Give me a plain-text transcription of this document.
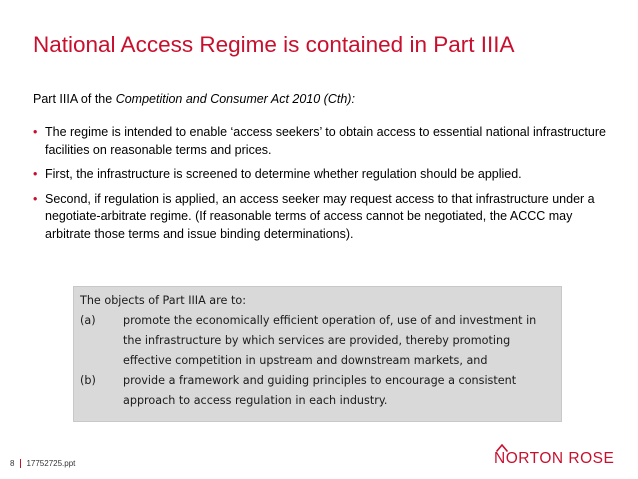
National Access Regime is contained in Part IIIA
Part IIIA of the Competition and Consumer Act 2010 (Cth):
• The regime is intended to enable ‘access seekers’ to obtain access to essential national infrastructure facilities on reasonable terms and prices.
• First, the infrastructure is screened to determine whether regulation should be applied.
• Second, if regulation is applied, an access seeker may request access to that infrastructure under a negotiate-arbitrate regime. (If reasonable terms of access cannot be negotiated, the ACCC may arbitrate those terms and issue binding determinations).
The objects of Part IIIA are to:
(a) promote the economically efficient operation of, use of and investment in the infrastructure by which services are provided, thereby promoting effective competition in upstream and downstream markets, and
(b) provide a framework and guiding principles to encourage a consistent approach to access regulation in each industry.
8 17752725.ppt	NORTON ROSE
